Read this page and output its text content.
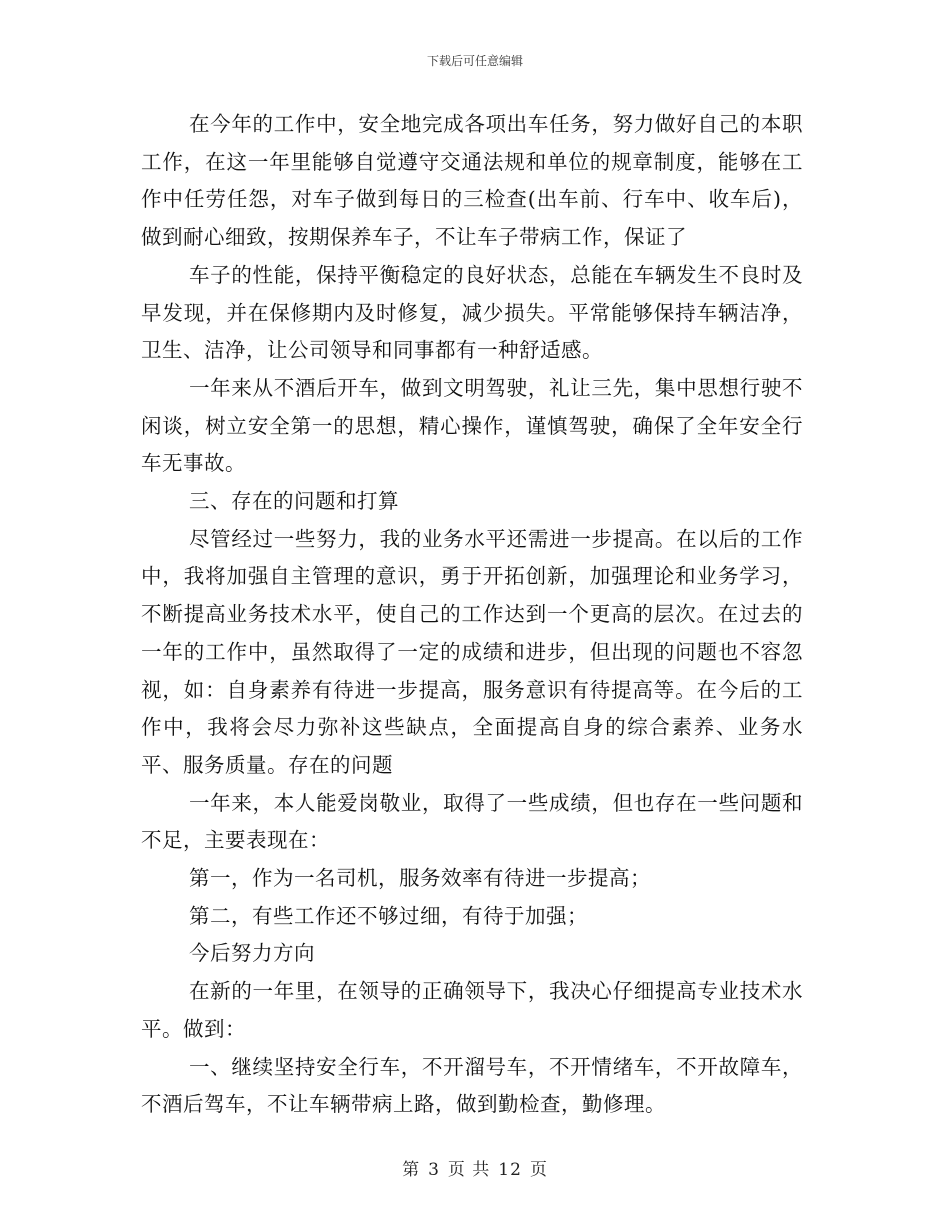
下载后可任意编辑

在今年的工作中，安全地完成各项出车任务，努力做好自己的本职工作，在这一年里能够自觉遵守交通法规和单位的规章制度，能够在工作中任劳任怨，对车子做到每日的三检查(出车前、行车中、收车后)，做到耐心细致，按期保养车子，不让车子带病工作，保证了

车子的性能，保持平衡稳定的良好状态，总能在车辆发生不良时及早发现，并在保修期内及时修复，减少损失。平常能够保持车辆洁净，卫生、洁净，让公司领导和同事都有一种舒适感。

一年来从不酒后开车，做到文明驾驶，礼让三先，集中思想行驶不闲谈，树立安全第一的思想，精心操作，谨慎驾驶，确保了全年安全行车无事故。

三、存在的问题和打算

尽管经过一些努力，我的业务水平还需进一步提高。在以后的工作中，我将加强自主管理的意识，勇于开拓创新，加强理论和业务学习，不断提高业务技术水平，使自己的工作达到一个更高的层次。在过去的一年的工作中，虽然取得了一定的成绩和进步，但出现的问题也不容忽视，如：自身素养有待进一步提高，服务意识有待提高等。在今后的工作中，我将会尽力弥补这些缺点，全面提高自身的综合素养、业务水平、服务质量。存在的问题

一年来，本人能爱岗敬业，取得了一些成绩，但也存在一些问题和不足，主要表现在：

第一，作为一名司机，服务效率有待进一步提高；

第二，有些工作还不够过细，有待于加强；

今后努力方向

在新的一年里，在领导的正确领导下，我决心仔细提高专业技术水平。做到：

一、继续坚持安全行车，不开溜号车，不开情绪车，不开故障车，不酒后驾车，不让车辆带病上路，做到勤检查，勤修理。

第 3 页 共 12 页
